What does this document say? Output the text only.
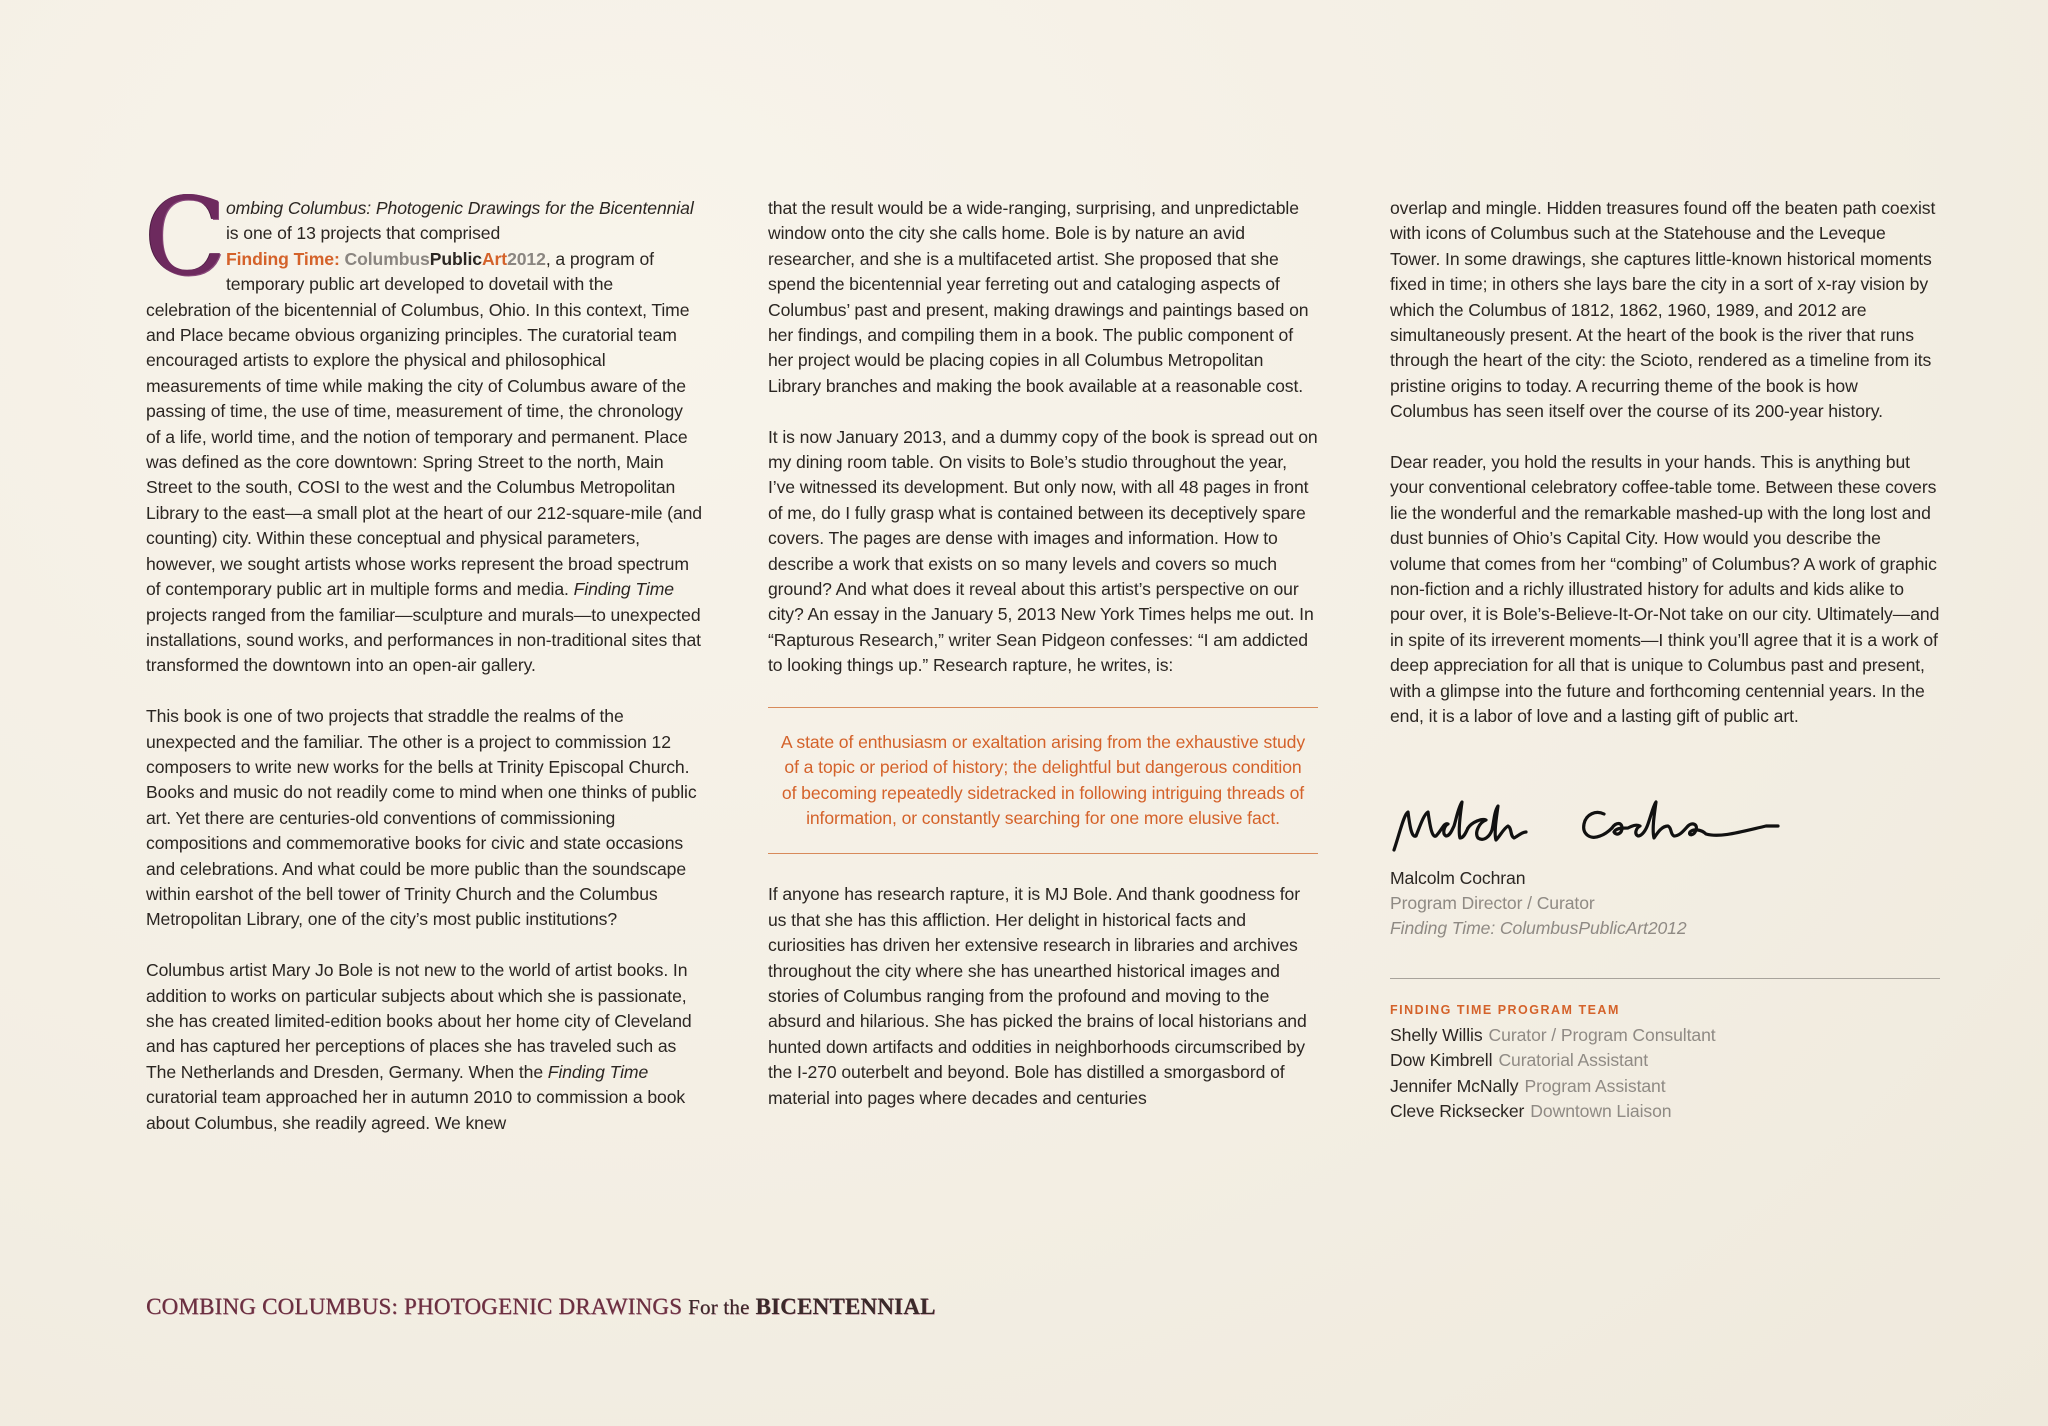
Combing Columbus: Photogenic Drawings for the Bicentennial is one of 13 projects that comprised
Finding Time: ColumbusPublicArt2012, a program of temporary public art developed to dovetail with the celebration of the bicentennial of Columbus, Ohio. In this context, Time and Place became obvious organizing principles. The curatorial team encouraged artists to explore the physical and philosophical measurements of time while making the city of Columbus aware of the passing of time, the use of time, measurement of time, the chronology of a life, world time, and the notion of temporary and permanent. Place was defined as the core downtown: Spring Street to the north, Main Street to the south, COSI to the west and the Columbus Metropolitan Library to the east—a small plot at the heart of our 212-square-mile (and counting) city. Within these conceptual and physical parameters, however, we sought artists whose works represent the broad spectrum of contemporary public art in multiple forms and media. Finding Time projects ranged from the familiar—sculpture and murals—to unexpected installations, sound works, and performances in non-traditional sites that transformed the downtown into an open-air gallery.

This book is one of two projects that straddle the realms of the unexpected and the familiar. The other is a project to commission 12 composers to write new works for the bells at Trinity Episcopal Church. Books and music do not readily come to mind when one thinks of public art. Yet there are centuries-old conventions of commissioning compositions and commemorative books for civic and state occasions and celebrations. And what could be more public than the soundscape within earshot of the bell tower of Trinity Church and the Columbus Metropolitan Library, one of the city’s most public institutions?

Columbus artist Mary Jo Bole is not new to the world of artist books. In addition to works on particular subjects about which she is passionate, she has created limited-edition books about her home city of Cleveland and has captured her perceptions of places she has traveled such as The Netherlands and Dresden, Germany. When the Finding Time curatorial team approached her in autumn 2010 to commission a book about Columbus, she readily agreed. We knew

that the result would be a wide-ranging, surprising, and unpredictable window onto the city she calls home. Bole is by nature an avid researcher, and she is a multifaceted artist. She proposed that she spend the bicentennial year ferreting out and cataloging aspects of Columbus’ past and present, making drawings and paintings based on her findings, and compiling them in a book. The public component of her project would be placing copies in all Columbus Metropolitan Library branches and making the book available at a reasonable cost.

It is now January 2013, and a dummy copy of the book is spread out on my dining room table. On visits to Bole’s studio throughout the year, I’ve witnessed its development. But only now, with all 48 pages in front of me, do I fully grasp what is contained between its deceptively spare covers. The pages are dense with images and information. How to describe a work that exists on so many levels and covers so much ground? And what does it reveal about this artist’s perspective on our city? An essay in the January 5, 2013 New York Times helps me out. In “Rapturous Research,” writer Sean Pidgeon confesses: “I am addicted to looking things up.” Research rapture, he writes, is:

A state of enthusiasm or exaltation arising from the exhaustive study of a topic or period of history; the delightful but dangerous condition of becoming repeatedly sidetracked in following intriguing threads of information, or constantly searching for one more elusive fact.

If anyone has research rapture, it is MJ Bole. And thank goodness for us that she has this affliction. Her delight in historical facts and curiosities has driven her extensive research in libraries and archives throughout the city where she has unearthed historical images and stories of Columbus ranging from the profound and moving to the absurd and hilarious. She has picked the brains of local historians and hunted down artifacts and oddities in neighborhoods circumscribed by the I-270 outerbelt and beyond. Bole has distilled a smorgasbord of material into pages where decades and centuries

overlap and mingle. Hidden treasures found off the beaten path coexist with icons of Columbus such at the Statehouse and the Leveque Tower. In some drawings, she captures little-known historical moments fixed in time; in others she lays bare the city in a sort of x-ray vision by which the Columbus of 1812, 1862, 1960, 1989, and 2012 are simultaneously present. At the heart of the book is the river that runs through the heart of the city: the Scioto, rendered as a timeline from its pristine origins to today. A recurring theme of the book is how Columbus has seen itself over the course of its 200-year history.

Dear reader, you hold the results in your hands. This is anything but your conventional celebratory coffee-table tome. Between these covers lie the wonderful and the remarkable mashed-up with the long lost and dust bunnies of Ohio’s Capital City. How would you describe the volume that comes from her “combing” of Columbus? A work of graphic non-fiction and a richly illustrated history for adults and kids alike to pour over, it is Bole’s-Believe-It-Or-Not take on our city. Ultimately—and in spite of its irreverent moments—I think you’ll agree that it is a work of deep appreciation for all that is unique to Columbus past and present, with a glimpse into the future and forthcoming centennial years. In the end, it is a labor of love and a lasting gift of public art.

Malcolm Cochran
Program Director / Curator
Finding Time: ColumbusPublicArt2012
FINDING TIME PROGRAM TEAM
Shelly Willis Curator / Program Consultant
Dow Kimbrell Curatorial Assistant
Jennifer McNally Program Assistant
Cleve Ricksecker Downtown Liaison
COMBING COLUMBUS: PHOTOGENIC DRAWINGS For the BICENTENNIAL
